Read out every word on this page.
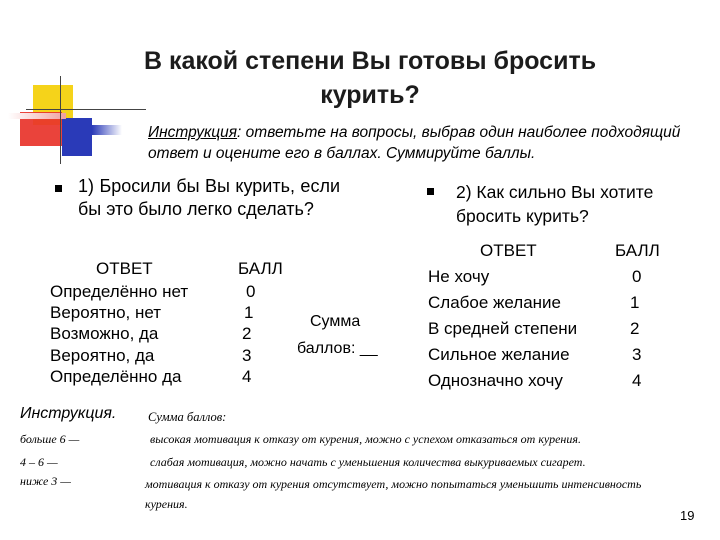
В какой степени Вы готовы бросить
курить?
Инструкция: ответьте на вопросы, выбрав один наиболее подходящий ответ и оцените его в баллах. Суммируйте баллы.
1) Бросили бы Вы курить, если бы это было легко сделать?
ОТВЕТ	БАЛЛ
Определённо нет	0
Вероятно, нет	1
Возможно, да	2
Вероятно, да	3
Определённо да	4
Сумма
баллов: __
2) Как сильно Вы хотите бросить курить?
ОТВЕТ	БАЛЛ
Не хочу	0
Слабое желание	1
В средней степени	2
Сильное желание	3
Однозначно хочу	4
Инструкция.	Сумма баллов:
больше 6 —	высокая мотивация к отказу от курения, можно с успехом отказаться от курения.
4 – 6 —	слабая мотивация, можно начать с уменьшения количества выкуриваемых сигарет.
ниже 3 —	мотивация к отказу от курения отсутствует, можно попытаться уменьшить интенсивность курения.
19
